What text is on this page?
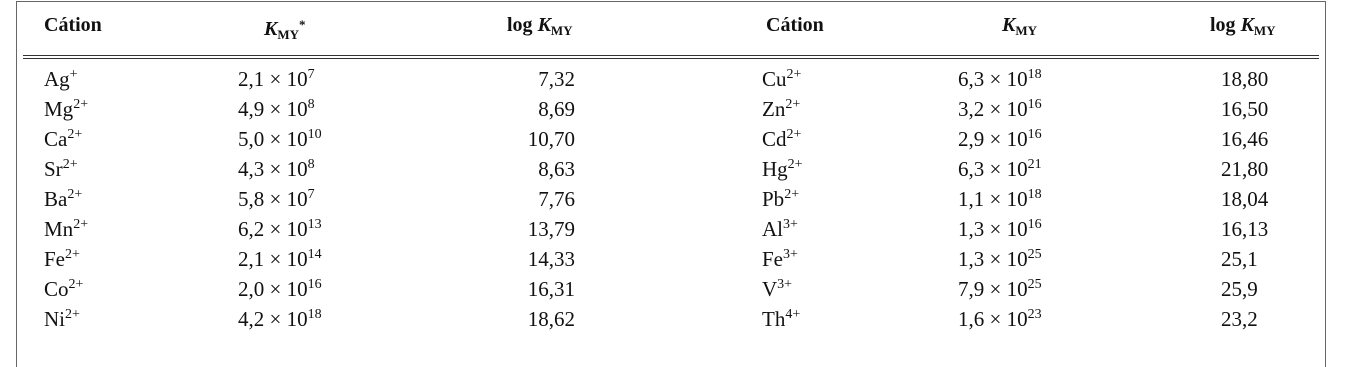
Cátion	$K_{MY}^*$	$\log K_{MY}$	Cátion	$K_{MY}$	$\log K_{MY}$
Ag+	$2,1 \times 10^7$	7,32	$Cu^{2+}$	$6,3 \times 10^{18}$	18,80
$Mg^{2+}$	$4,9 \times 10^8$	8,69	$Zn^{2+}$	$3,2 \times 10^{16}$	16,50
$Ca^{2+}$	$5,0 \times 10^{10}$	10,70	$Cd^{2+}$	$2,9 \times 10^{16}$	16,46
$Sr^{2+}$	$4,3 \times 10^8$	8,63	$Hg^{2+}$	$6,3 \times 10^{21}$	21,80
$Ba^{2+}$	$5,8 \times 10^7$	7,76	$Pb^{2+}$	$1,1 \times 10^{18}$	18,04
$Mn^{2+}$	$6,2 \times 10^{13}$	13,79	$Al^{3+}$	$1,3 \times 10^{16}$	16,13
$Fe^{2+}$	$2,1 \times 10^{14}$	14,33	$Fe^{3+}$	$1,3 \times 10^{25}$	25,1
$Co^{2+}$	$2,0 \times 10^{16}$	16,31	$V^{3+}$	$7,9 \times 10^{25}$	25,9
$Ni^{2+}$	$4,2 \times 10^{18}$	18,62	$Th^{4+}$	$1,6 \times 10^{23}$	23,2
